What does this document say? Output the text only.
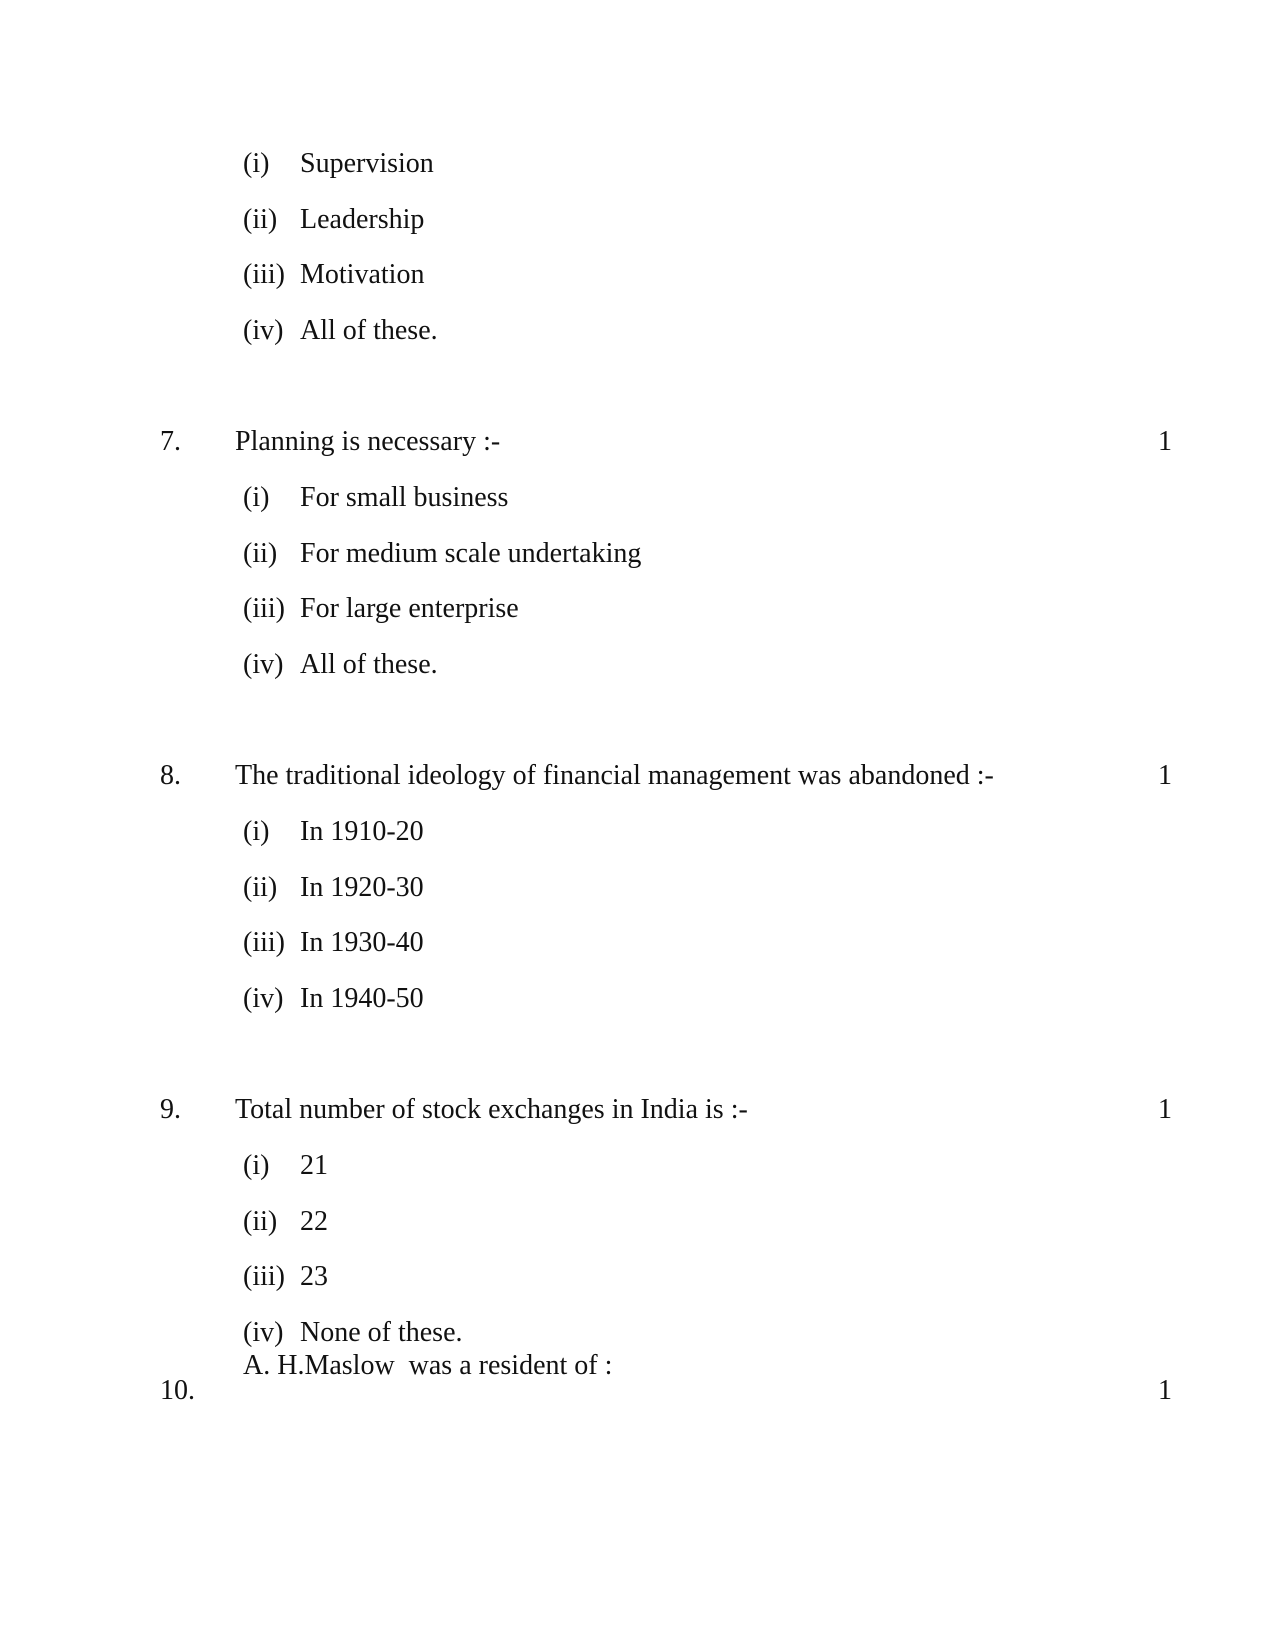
(i) Supervision
(ii) Leadership
(iii) Motivation
(iv) All of these.
7. Planning is necessary :-	1
(i) For small business
(ii) For medium scale undertaking
(iii) For large enterprise
(iv) All of these.
8. The traditional ideology of financial management was abandoned :-	1
(i) In 1910-20
(ii) In 1920-30
(iii) In 1930-40
(iv) In 1940-50
9. Total number of stock exchanges in India is :-	1
(i) 21
(ii) 22
(iii) 23
(iv) None of these.
A. H.Maslow  was a resident of :
10.	1
